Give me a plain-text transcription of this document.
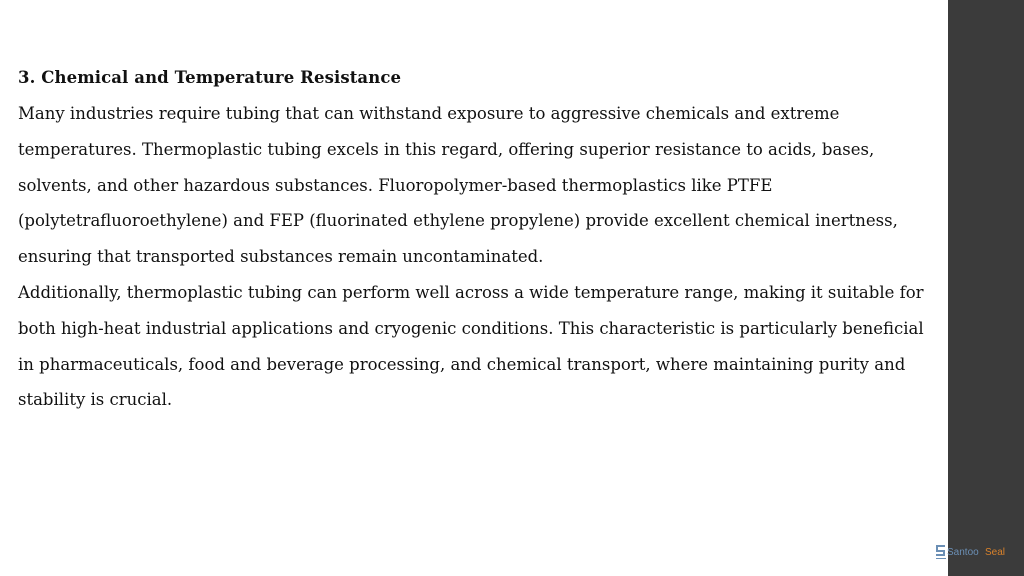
3. Chemical and Temperature Resistance

Many industries require tubing that can withstand exposure to aggressive chemicals and extreme temperatures. Thermoplastic tubing excels in this regard, offering superior resistance to acids, bases, solvents, and other hazardous substances. Fluoropolymer-based thermoplastics like PTFE (polytetrafluoroethylene) and FEP (fluorinated ethylene propylene) provide excellent chemical inertness, ensuring that transported substances remain uncontaminated.

Additionally, thermoplastic tubing can perform well across a wide temperature range, making it suitable for both high-heat industrial applications and cryogenic conditions. This characteristic is particularly beneficial in pharmaceuticals, food and beverage processing, and chemical transport, where maintaining purity and stability is crucial.

Santoo Seal
